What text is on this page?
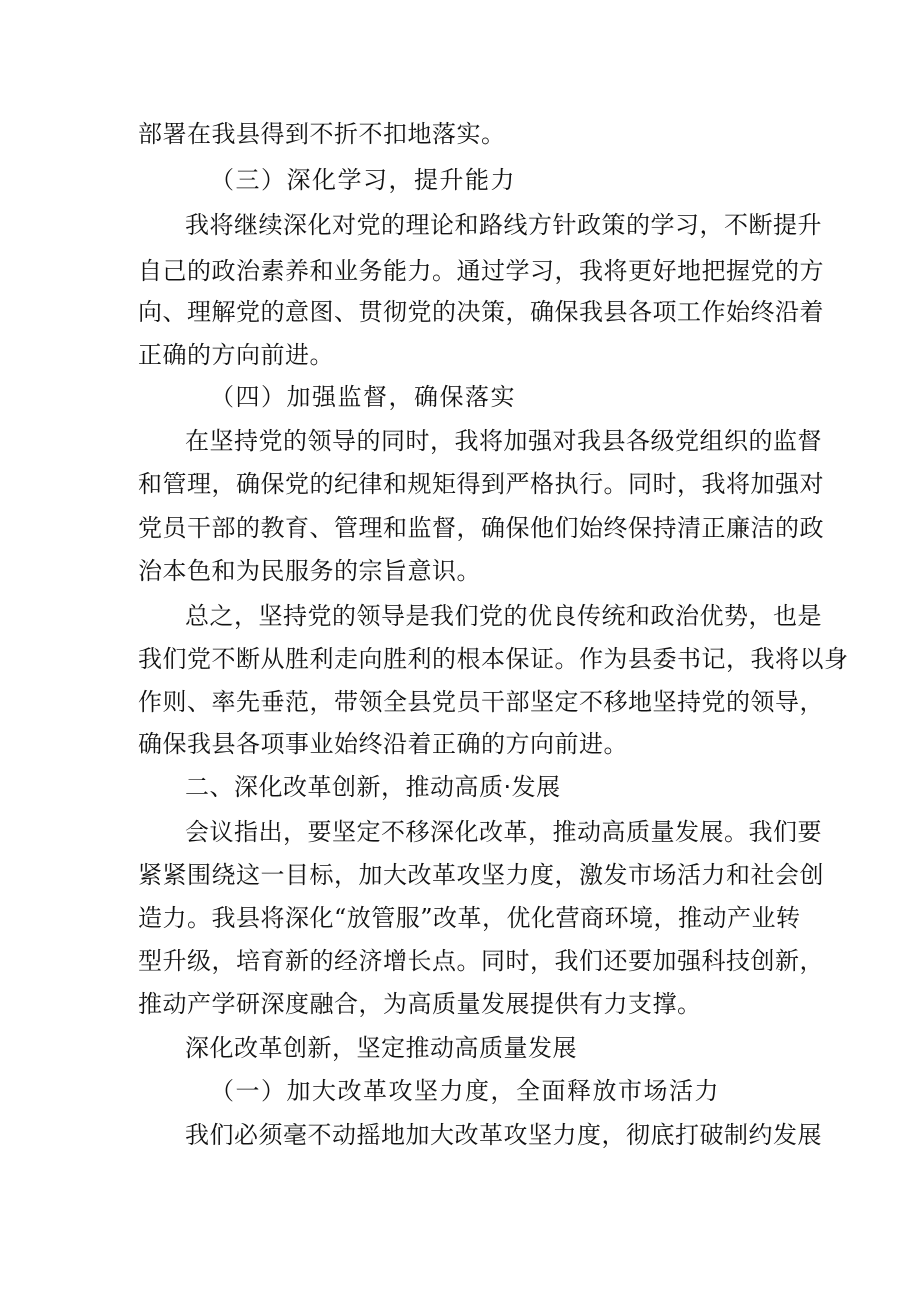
部署在我县得到不折不扣地落实。
（三）深化学习，提升能力
我将继续深化对党的理论和路线方针政策的学习，不断提升
自己的政治素养和业务能力。通过学习，我将更好地把握党的方
向、理解党的意图、贯彻党的决策，确保我县各项工作始终沿着
正确的方向前进。
（四）加强监督，确保落实
在坚持党的领导的同时，我将加强对我县各级党组织的监督
和管理，确保党的纪律和规矩得到严格执行。同时，我将加强对
党员干部的教育、管理和监督，确保他们始终保持清正廉洁的政
治本色和为民服务的宗旨意识。
总之，坚持党的领导是我们党的优良传统和政治优势，也是
我们党不断从胜利走向胜利的根本保证。作为县委书记，我将以身
作则、率先垂范，带领全县党员干部坚定不移地坚持党的领导，
确保我县各项事业始终沿着正确的方向前进。
二、深化改革创新，推动高质·发展
会议指出，要坚定不移深化改革，推动高质量发展。我们要
紧紧围绕这一目标，加大改革攻坚力度，激发市场活力和社会创
造力。我县将深化“放管服”改革，优化营商环境，推动产业转
型升级，培育新的经济增长点。同时，我们还要加强科技创新，
推动产学研深度融合，为高质量发展提供有力支撑。
深化改革创新，坚定推动高质量发展
（一）加大改革攻坚力度，全面释放市场活力
我们必须毫不动摇地加大改革攻坚力度，彻底打破制约发展
